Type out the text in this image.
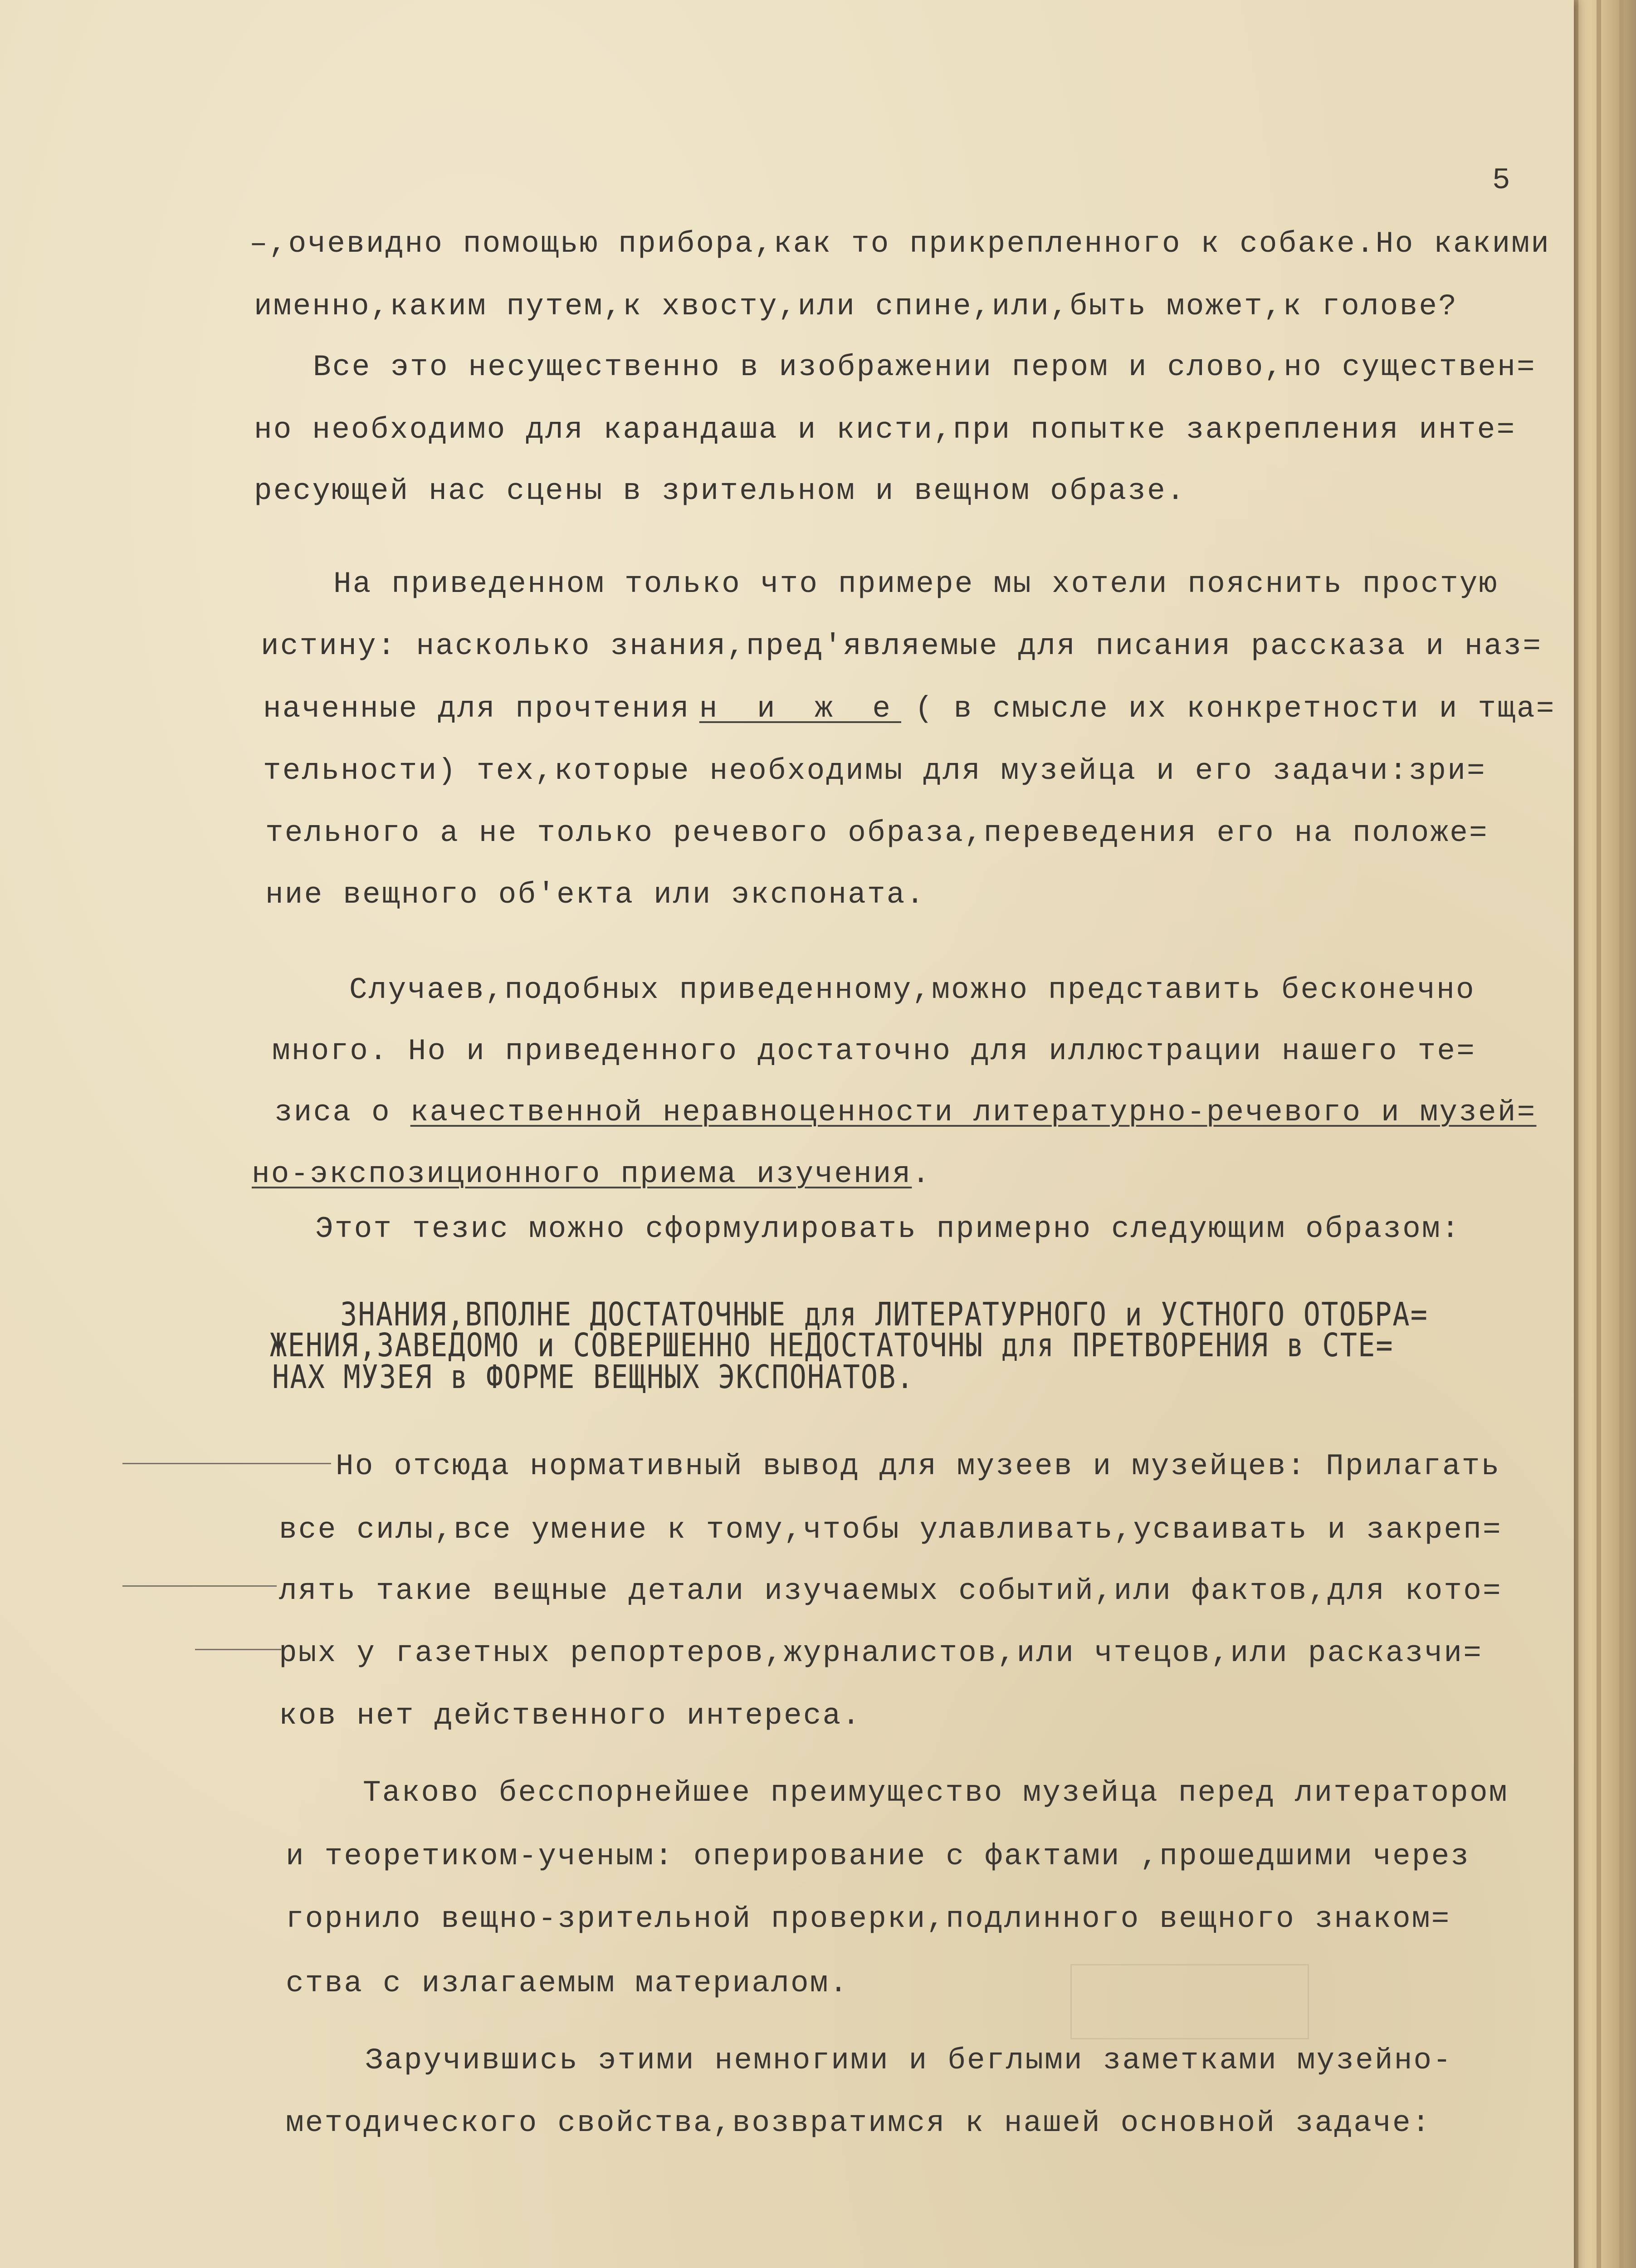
5
–,очевидно помощью прибора,как то прикрепленного к собаке.Но какими
именно,каким путем,к хвосту,или спине,или,быть может,к голове?
Все это несущественно в изображении пером и слово,но существен=
но необходимо для карандаша и кисти,при попытке закрепления инте=
ресующей нас сцены в зрительном и вещном образе.
На приведенном только что примере мы хотели пояснить простую
истину: насколько знания,пред'являемые для писания рассказа и наз=
наченные для прочтения н и ж е ( в смысле их конкретности и тща=
тельности) тех,которые необходимы для музейца и его задачи:зри=
тельного а не только речевого образа,переведения его на положе=
ние вещного об'екта или экспоната.
Случаев,подобных приведенному,можно представить бесконечно
много. Но и приведенного достаточно для иллюстрации нашего те=
зиса о качественной неравноценности литературно-речевого и музей=
но-экспозиционного приема изучения.
Этот тезис можно сформулировать примерно следующим образом:
ЗНАНИЯ,ВПОЛНЕ ДОСТАТОЧНЫЕ для ЛИТЕРАТУРНОГО и УСТНОГО ОТОБРА=
ЖЕНИЯ,ЗАВЕДОМО и СОВЕРШЕННО НЕДОСТАТОЧНЫ для ПРЕТВОРЕНИЯ в СТЕ=
НАХ МУЗЕЯ в ФОРМЕ ВЕЩНЫХ ЭКСПОНАТОВ.
Но отсюда нормативный вывод для музеев и музейцев: Прилагать
все силы,все умение к тому,чтобы улавливать,усваивать и закреп=
лять такие вещные детали изучаемых событий,или фактов,для кото=
рых у газетных репортеров,журналистов,или чтецов,или расказчи=
ков нет действенного интереса.
Таково бесспорнейшее преимущество музейца перед литератором
и теоретиком-ученым: оперирование с фактами ,прошедшими через
горнило вещно-зрительной проверки,подлинного вещного знаком=
ства с излагаемым материалом.
Заручившись этими немногими и беглыми заметками музейно-
методического свойства,возвратимся к нашей основной задаче:
